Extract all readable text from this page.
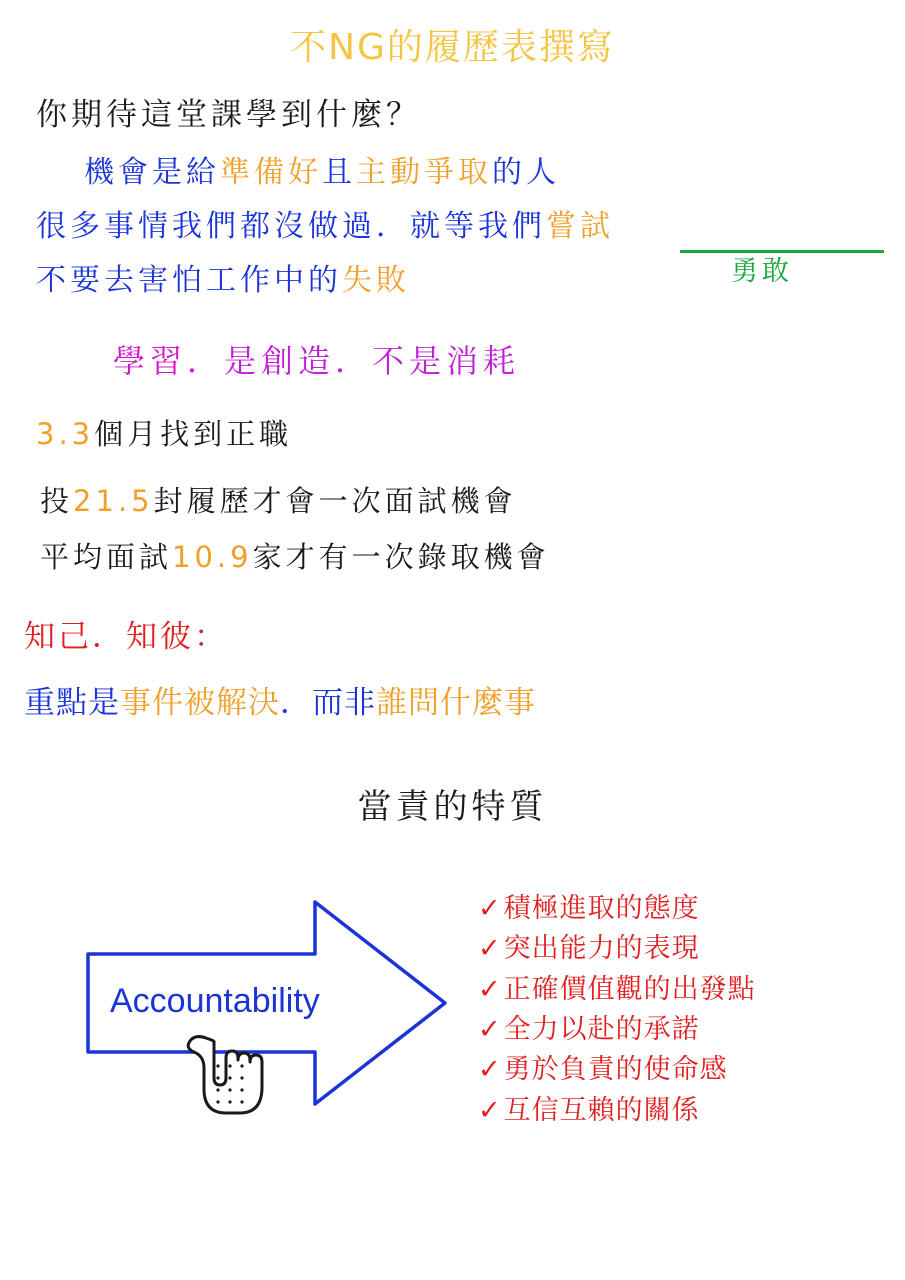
不NG的履歷表撰寫
你期待這堂課學到什麼？
機會是給準備好且主動爭取的人
很多事情我們都沒做過．就等我們嘗試
勇敢
不要去害怕工作中的失敗
學習．是創造．不是消耗
3.3個月找到正職
投21.5封履歷才會一次面試機會
平均面試10.9家才有一次錄取機會
知己．知彼：
重點是事件被解決．而非誰問什麼事
當責的特質
Accountability
✓積極進取的態度
✓突出能力的表現
✓正確價值觀的出發點
✓全力以赴的承諾
✓勇於負責的使命感
✓互信互賴的關係
